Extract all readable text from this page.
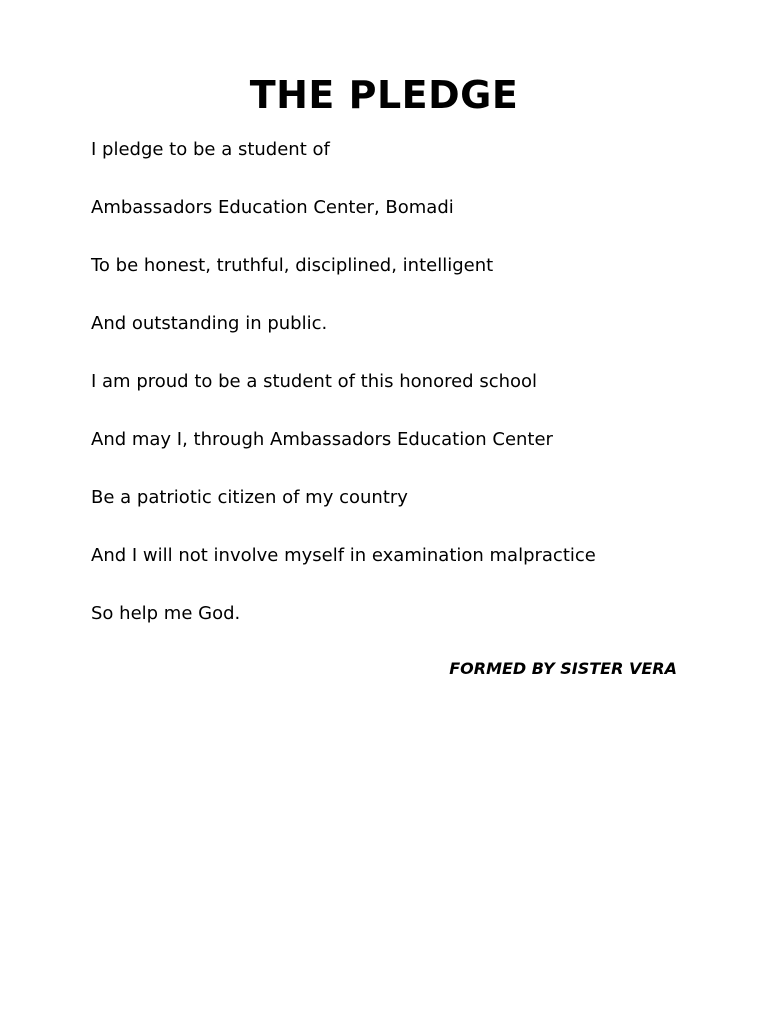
THE PLEDGE
I pledge to be a student of
Ambassadors Education Center, Bomadi
To be honest, truthful, disciplined, intelligent
And outstanding in public.
I am proud to be a student of this honored school
And may I, through Ambassadors Education Center
Be a patriotic citizen of my country
And I will not involve myself in examination malpractice
So help me God.

FORMED BY SISTER VERA
